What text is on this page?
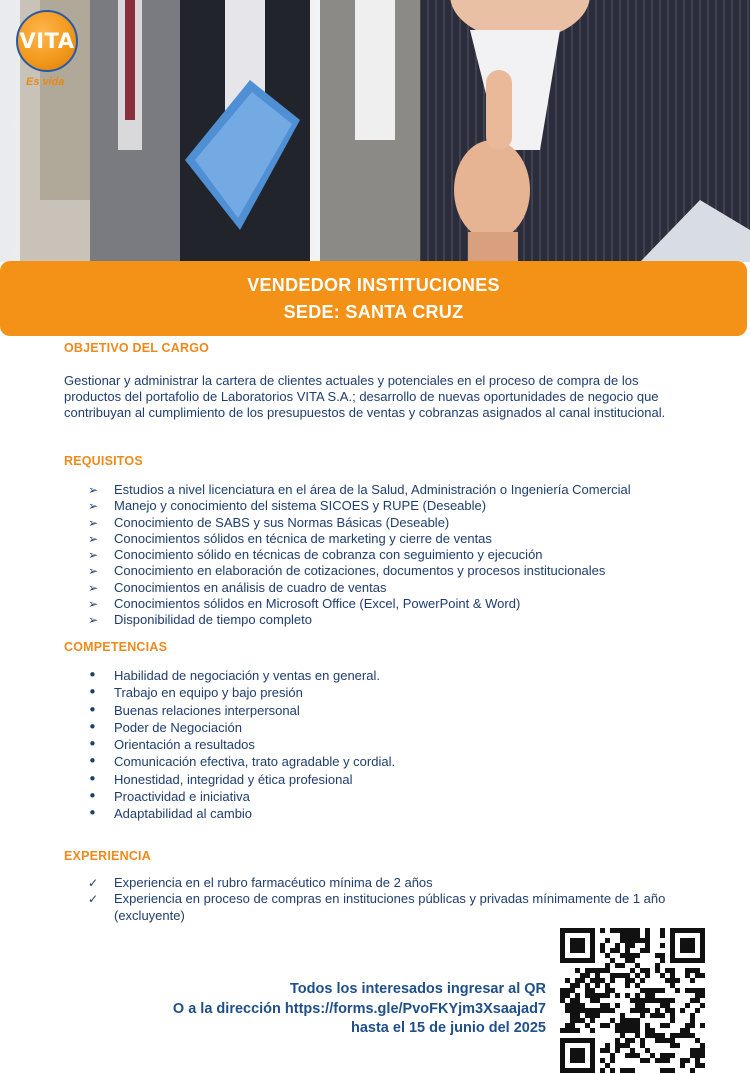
VITA
Es vida
VENDEDOR INSTITUCIONES
SEDE: SANTA CRUZ
OBJETIVO DEL CARGO
Gestionar y administrar la cartera de clientes actuales y potenciales en el proceso de compra de los productos del portafolio de Laboratorios VITA S.A.; desarrollo de nuevas oportunidades de negocio que contribuyan al cumplimiento de los presupuestos de ventas y cobranzas asignados al canal institucional.
REQUISITOS
➢	Estudios a nivel licenciatura en el área de la Salud, Administración o Ingeniería Comercial
➢	Manejo y conocimiento del sistema SICOES y RUPE (Deseable)
➢	Conocimiento de SABS y sus Normas Básicas (Deseable)
➢	Conocimientos sólidos en técnica de marketing y cierre de ventas
➢	Conocimiento sólido en técnicas de cobranza con seguimiento y ejecución
➢	Conocimiento en elaboración de cotizaciones, documentos y procesos institucionales
➢	Conocimientos en análisis de cuadro de ventas
➢	Conocimientos sólidos en Microsoft Office (Excel, PowerPoint & Word)
➢	Disponibilidad de tiempo completo
COMPETENCIAS
•	Habilidad de negociación y ventas en general.
•	Trabajo en equipo y bajo presión
•	Buenas relaciones interpersonal
•	Poder de Negociación
•	Orientación a resultados
•	Comunicación efectiva, trato agradable y cordial.
•	Honestidad, integridad y ética profesional
•	Proactividad e iniciativa
•	Adaptabilidad al cambio
EXPERIENCIA
✓	Experiencia en el rubro farmacéutico mínima de 2 años
✓	Experiencia en proceso de compras en instituciones públicas y privadas mínimamente de 1 año (excluyente)
Todos los interesados ingresar al QR
O a la dirección https://forms.gle/PvoFKYjm3Xsaajad7
hasta el 15 de junio del 2025
